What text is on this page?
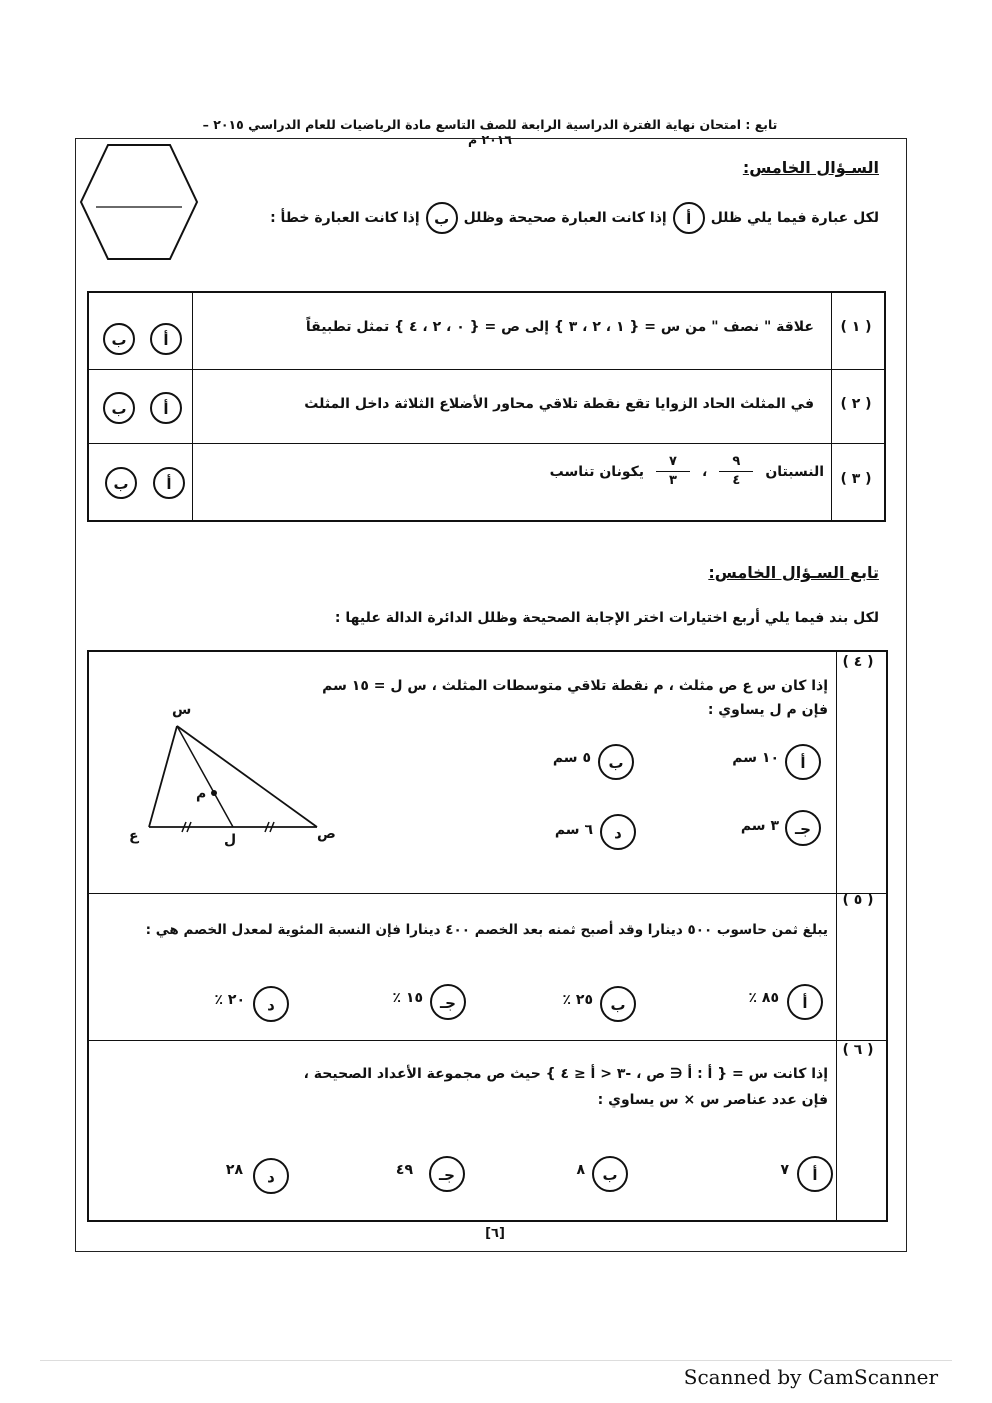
تابع : امتحان نهاية الفترة الدراسية الرابعة للصف التاسع مادة الرياضيات للعام الدراسي ٢٠١٥ – ٢٠١٦ م
السـؤال الخامس:
لكل عبارة فيما يلي ظلل
أ
إذا كانت العبارة صحيحة وظلل
ب
إذا كانت العبارة خطأ :
( ١ )
علاقة " نصف " من س = { ١ ، ٢ ، ٣ } إلى ص = { ٠ ، ٢ ، ٤ } تمثل تطبيقاً
أ
ب
( ٢ )
في المثلث الحاد الزوايا تقع نقطة تلاقي محاور الأضلاع الثلاثة داخل المثلث
أ
ب
( ٣ )
النسبتان
٩
٤
،
٧
٣
يكونان تناسب
أ
ب
تابع السـؤال الخامس:
لكل بند فيما يلي أربع اختيارات اختر الإجابة الصحيحة وظلل الدائرة الدالة عليها :
( ٤ )
إذا كان س ع ص مثلث ، م نقطة تلاقي متوسطات المثلث ، س ل = ١٥ سم
فإن م ل يساوي :
س
م
ع	ل	ص
أ
١٠ سم
ب
٥ سم
جـ
٣ سم
د
٦ سم
( ٥ )
يبلغ ثمن حاسوب ٥٠٠ دينارا وقد أصبح ثمنه بعد الخصم ٤٠٠ دينارا فإن النسبة المئوية لمعدل الخصم هي :
أ
٨٥ ٪
ب
٢٥ ٪
جـ
١٥ ٪
د
٢٠ ٪
( ٦ )
إذا كانت س = { أ : أ ∈ ص ، -٣ < أ ≤ ٤ } حيث ص مجموعة الأعداد الصحيحة ،
فإن عدد عناصر س × س يساوي :
أ
٧
ب
٨
جـ
٤٩
د
٢٨
[٦]
Scanned by CamScanner
